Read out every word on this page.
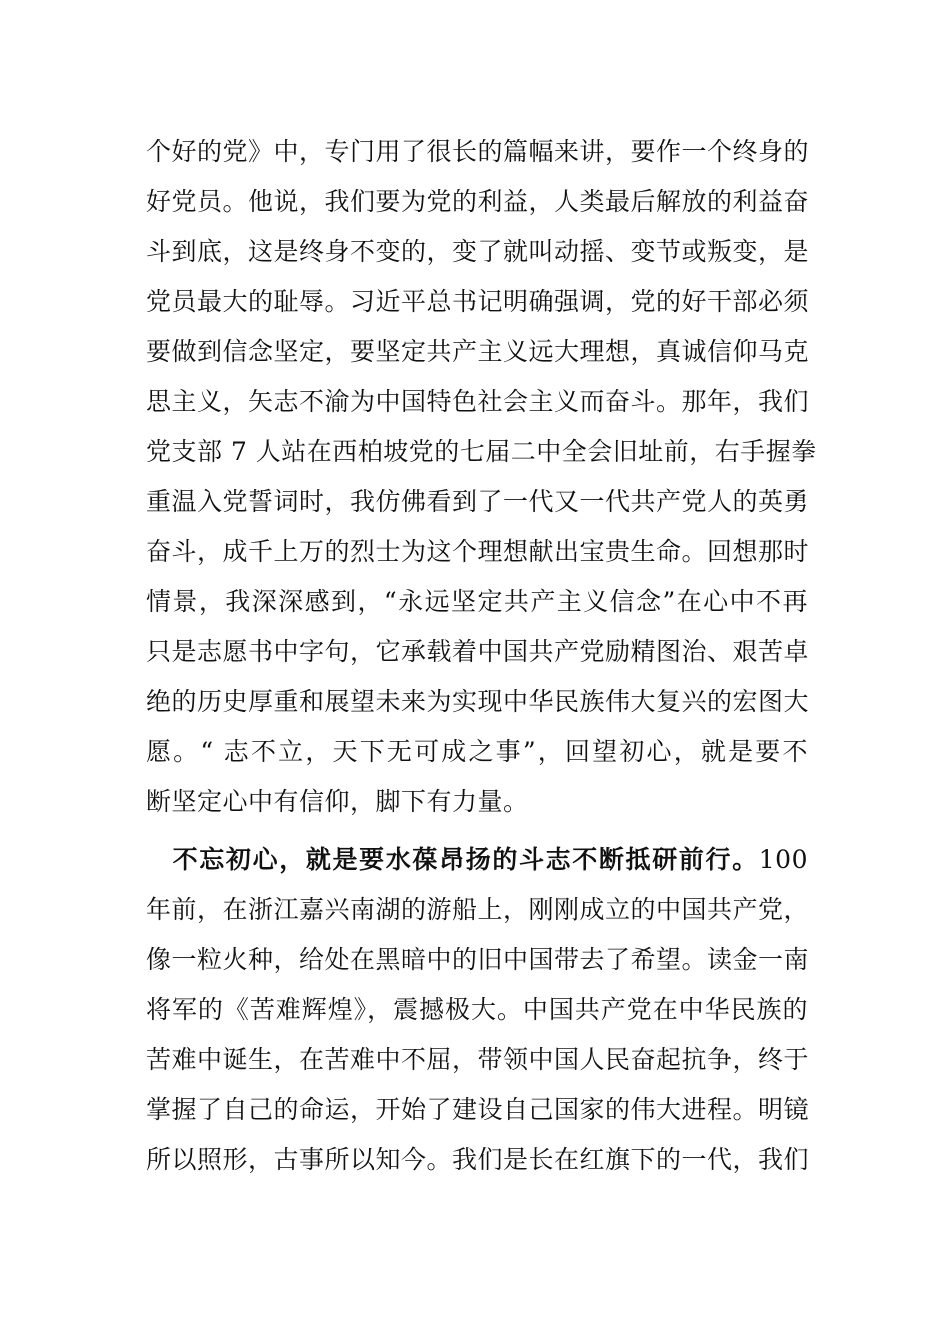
个好的党》中，专门用了很长的篇幅来讲，要作一个终身的
好党员。他说，我们要为党的利益，人类最后解放的利益奋
斗到底，这是终身不变的，变了就叫动摇、变节或叛变，是
党员最大的耻辱。习近平总书记明确强调，党的好干部必须
要做到信念坚定，要坚定共产主义远大理想，真诚信仰马克
思主义，矢志不渝为中国特色社会主义而奋斗。那年，我们
党支部 7 人站在西柏坡党的七届二中全会旧址前，右手握拳
重温入党誓词时，我仿佛看到了一代又一代共产党人的英勇
奋斗，成千上万的烈士为这个理想献出宝贵生命。回想那时
情景，我深深感到，“永远坚定共产主义信念”在心中不再
只是志愿书中字句，它承载着中国共产党励精图治、艰苦卓
绝的历史厚重和展望未来为实现中华民族伟大复兴的宏图大
愿。“ 志不立，天下无可成之事”，回望初心，就是要不
断坚定心中有信仰，脚下有力量。
　不忘初心，就是要水葆昂扬的斗志不断抵研前行。100
年前，在浙江嘉兴南湖的游船上，刚刚成立的中国共产党，
像一粒火种，给处在黑暗中的旧中国带去了希望。读金一南
将军的《苦难辉煌》，震撼极大。中国共产党在中华民族的
苦难中诞生，在苦难中不屈，带领中国人民奋起抗争，终于
掌握了自己的命运，开始了建设自己国家的伟大进程。明镜
所以照形，古事所以知今。我们是长在红旗下的一代，我们
